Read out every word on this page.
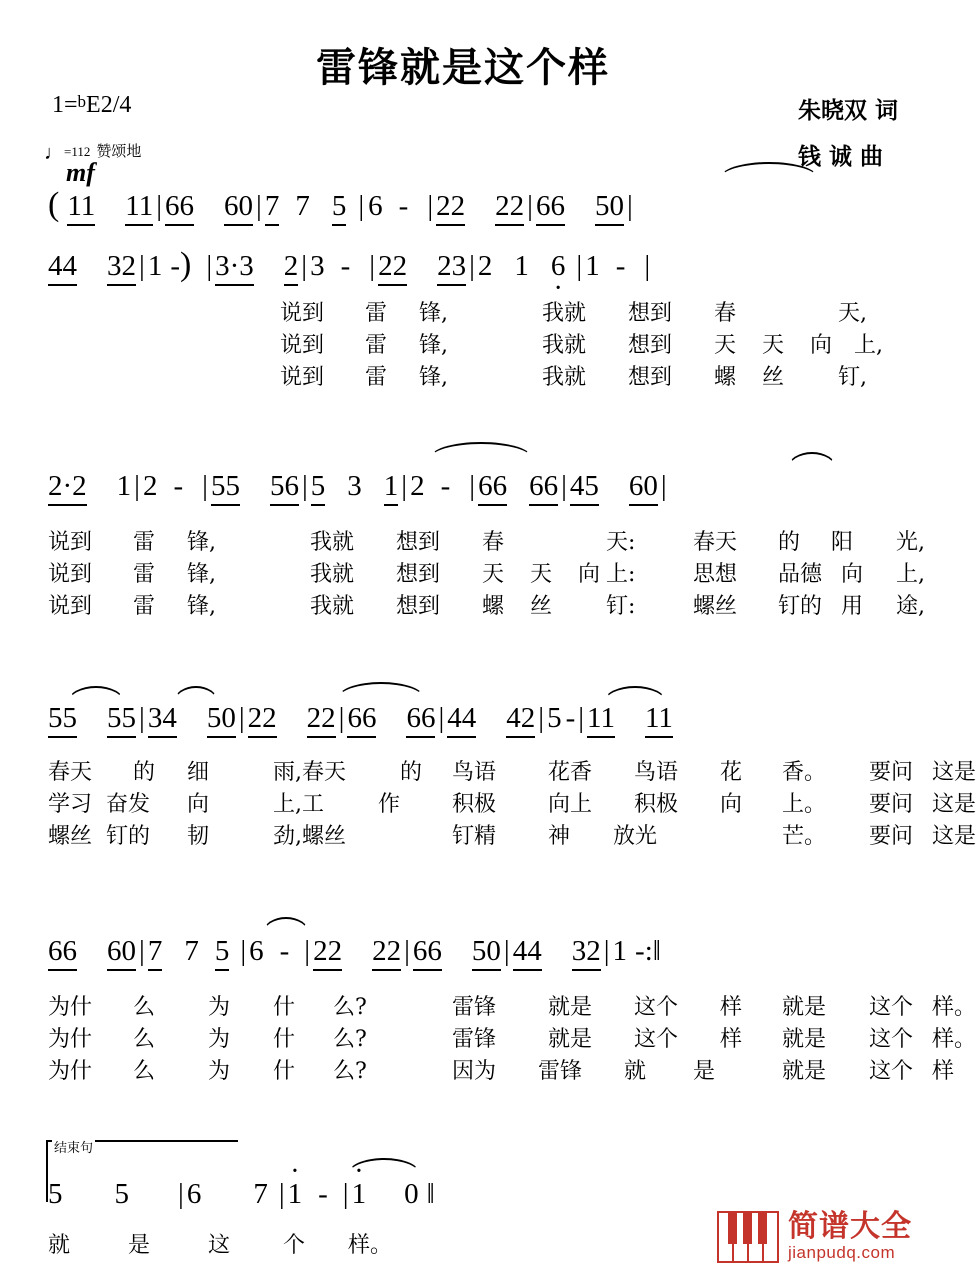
雷锋就是这个样
朱晓双 词
钱 诚 曲
1=$^b$E2/4
♩=112 赞颂地
mf
( 11 11 | 66 60 | 7 7 5 | 6 - | 22 22 | 66 50 |
44 32 | 1 -) | 3·3 2 | 3 - | 22 23 | 2 1 6 · | 1 - |
说到 雷 锋,	我就 想到 春	天,
说到 雷 锋,	我就 想到 天 天 向 上,
说到 雷 锋,	我就 想到 螺 丝 钉,
2·2 1 | 2 - | 55 56 | 5 3 1 | 2 - | 66 66 | 45 60 |
说到 雷 锋,	我就 想到 春	天:	春天 的 阳 光,
说到 雷 锋,	我就 想到 天 天 向 上:	思想 品德 向 上,
说到 雷 锋,	我就 想到 螺 丝 钉:	螺丝 钉的 用 途,
55 55 | 34 50 | 22 22 | 66 66 | 44 42 | 5 - | 11 11
春天 的 细	雨,春天 的 鸟语 花香 鸟语 花 香。 要问 这是
学习 奋发 向	上,工 作 积极 向上 积极 向 上。 要问 这是
螺丝 钉的 韧	劲,螺丝	钉精 神 放光	芒。 要问 这是
66 60 | 7 7 5 | 6 - | 22 22 | 66 50 | 44 32 | 1 -:‖
为什 么 为 什 么?	雷锋 就是 这个 样 就是 这个 样。
为什 么 为 什 么?	雷锋 就是 这个 样 就是 这个 样。
为什 么 为 什 么?	因为 雷锋 就 是	就是 这个 样
结束句
5 5 | 6 7 | · 1 - | · 1 0 ‖
就	是	这 个 样。
简谱大全
jianpudq.com
